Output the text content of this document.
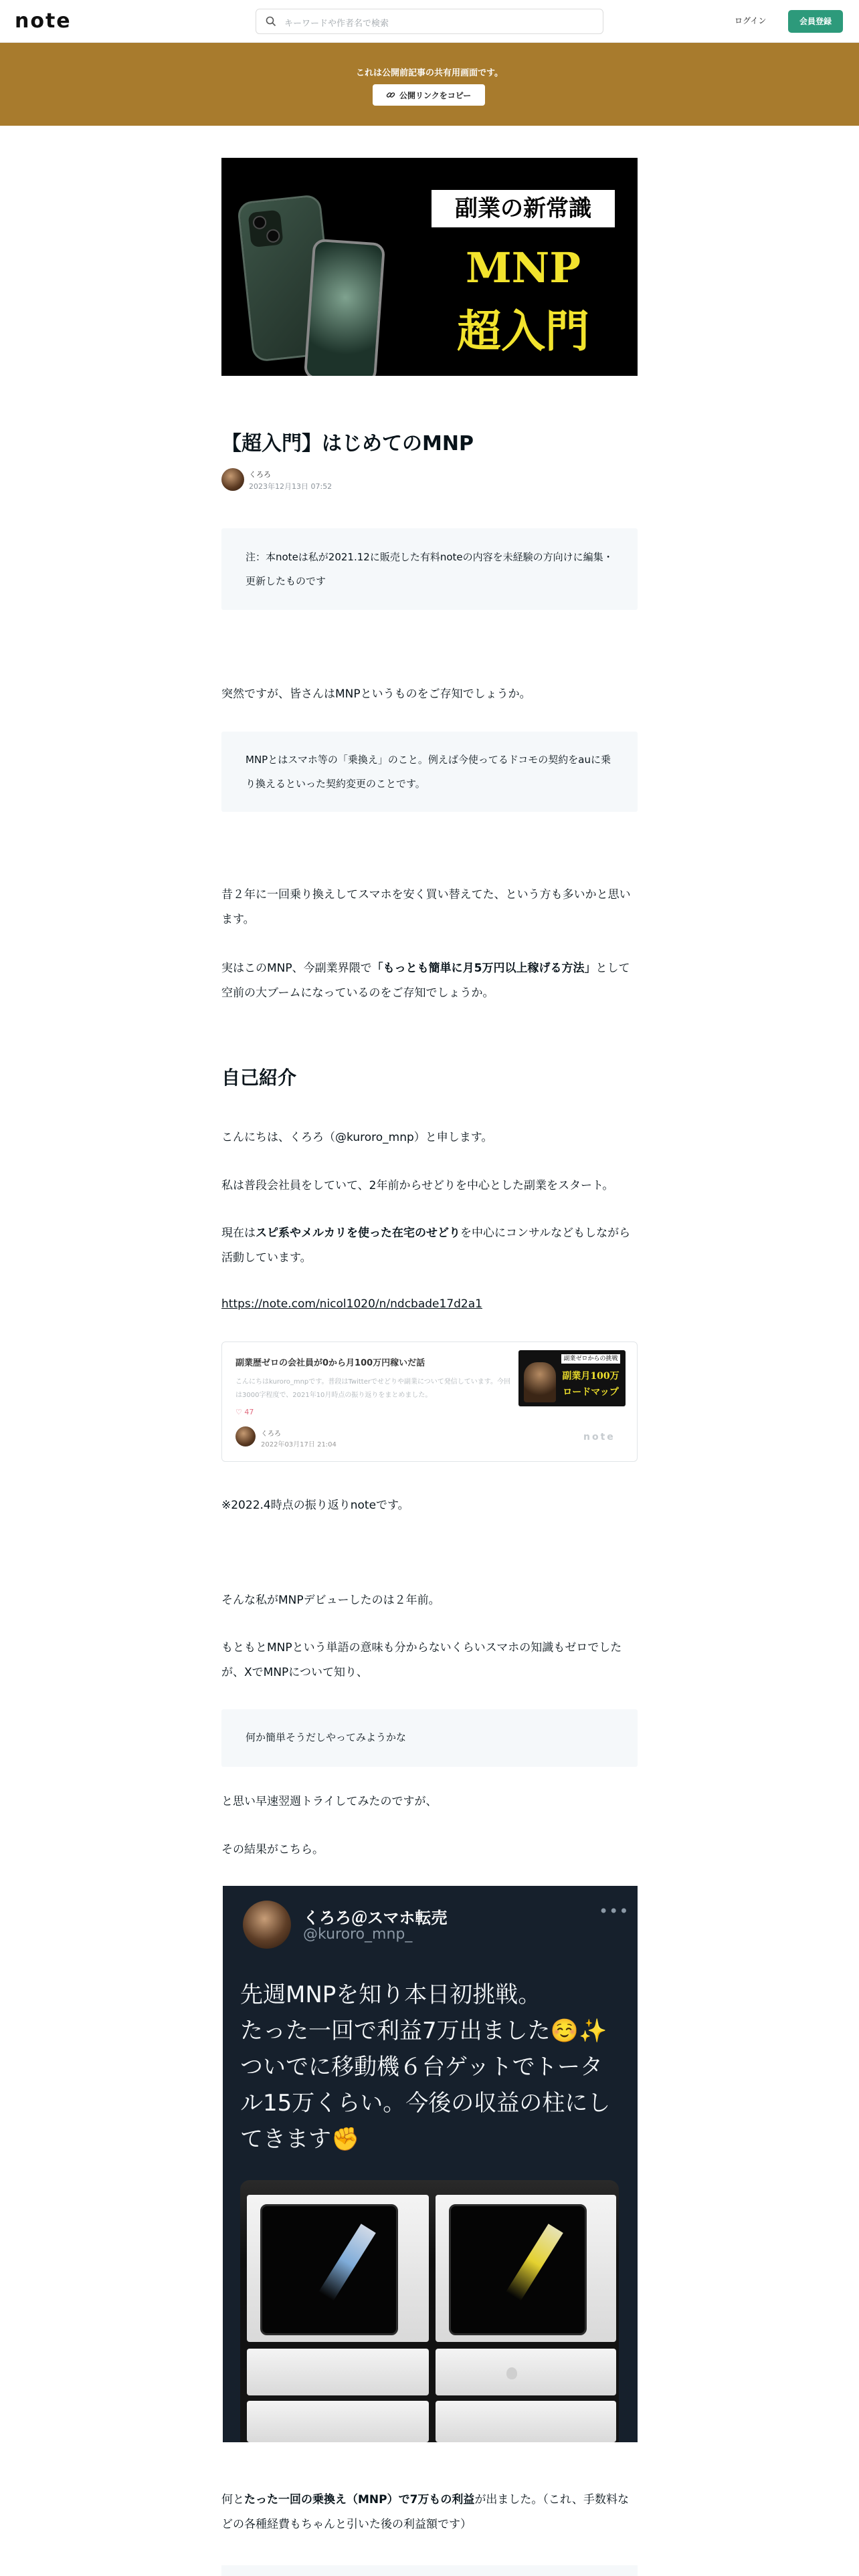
note	キーワードや作者名で検索	ログイン	会員登録
これは公開前記事の共有用画面です。
公開リンクをコピー
副業の新常識
MNP
超入門
【超入門】はじめてのMNP
くろろ
2023年12月13日 07:52
注：本noteは私が2021.12に販売した有料noteの内容を未経験の方向けに編集・更新したものです
突然ですが、皆さんはMNPというものをご存知でしょうか。
MNPとはスマホ等の「乗換え」のこと。例えば今使ってるドコモの契約をauに乗り換えるといった契約変更のことです。
昔２年に一回乗り換えしてスマホを安く買い替えてた、という方も多いかと思います。
実はこのMNP、今副業界隈で「もっとも簡単に月5万円以上稼げる方法」として空前の大ブームになっているのをご存知でしょうか。
自己紹介
こんにちは、くろろ（@kuroro_mnp）と申します。
私は普段会社員をしていて、2年前からせどりを中心とした副業をスタート。
現在はスピ系やメルカリを使った在宅のせどりを中心にコンサルなどもしながら活動しています。
https://note.com/nicol1020/n/ndcbade17d2a1
副業歴ゼロの会社員が0から月100万円稼いだ話
こんにちはkuroro_mnpです。普段はTwitterでせどりや副業について発信しています。今回は3000字程度で、2021年10月時点の振り返りをまとめました。
♡ 47
くろろ
2022年03月17日 21:04
副業ゼロからの挑戦
副業月100万
ロードマップ
note
※2022.4時点の振り返りnoteです。
そんな私がMNPデビューしたのは２年前。
もともとMNPという単語の意味も分からないくらいスマホの知識もゼロでしたが、XでMNPについて知り、
何か簡単そうだしやってみようかな
と思い早速翌週トライしてみたのですが、
その結果がこちら。
くろろ＠スマホ転売
@kuroro_mnp_
•••
先週MNPを知り本日初挑戦。
たった一回で利益7万出ました☺️✨
ついでに移動機６台ゲットでトータル15万くらい。今後の収益の柱にしてきます✊
何とたった一回の乗換え（MNP）で7万もの利益が出ました。（これ、手数料などの各種経費もちゃんと引いた後の利益額です）
